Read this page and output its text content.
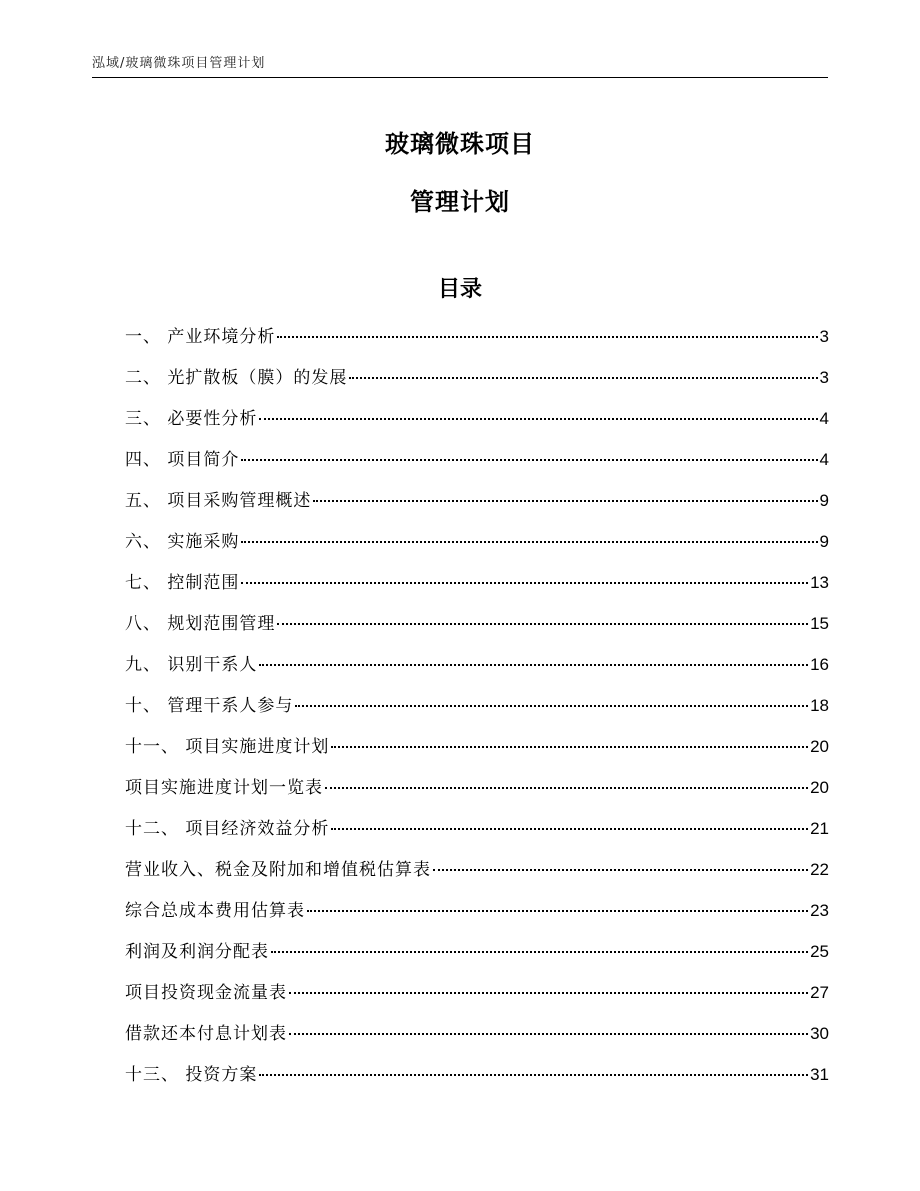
泓域/玻璃微珠项目管理计划
玻璃微珠项目
管理计划
目录
一、 产业环境分析	3
二、 光扩散板（膜）的发展	3
三、 必要性分析	4
四、 项目简介	4
五、 项目采购管理概述	9
六、 实施采购	9
七、 控制范围	13
八、 规划范围管理	15
九、 识别干系人	16
十、 管理干系人参与	18
十一、 项目实施进度计划	20
项目实施进度计划一览表	20
十二、 项目经济效益分析	21
营业收入、税金及附加和增值税估算表	22
综合总成本费用估算表	23
利润及利润分配表	25
项目投资现金流量表	27
借款还本付息计划表	30
十三、 投资方案	31
